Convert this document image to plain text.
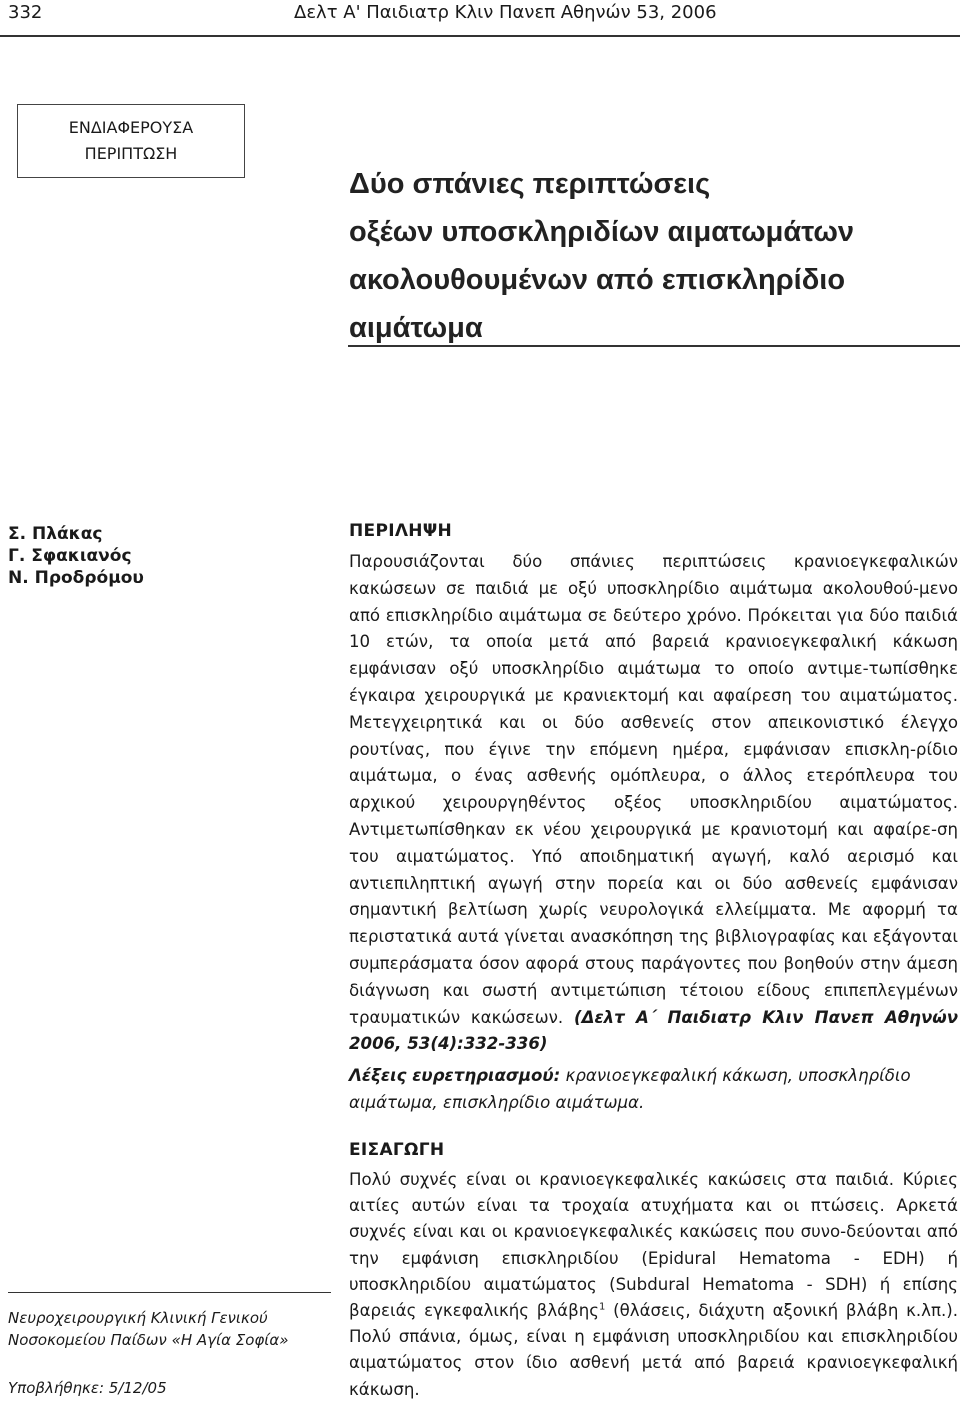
332	Δελτ Α' Παιδιατρ Κλιν Πανεπ Αθηνών 53, 2006
ΕΝΔΙΑΦΕΡΟΥΣΑ
ΠΕΡΙΠΤΩΣΗ
Δύο σπάνιες περιπτώσεις
οξέων υποσκληριδίων αιματωμάτων
ακολουθουμένων από επισκληρίδιο
αιμάτωμα
Σ. Πλάκας
Γ. Σφακιανός
Ν. Προδρόμου
ΠΕΡΙΛΗΨΗ

Παρουσιάζονται δύο σπάνιες περιπτώσεις κρανιοεγκεφαλικών κακώσεων σε παιδιά με οξύ υποσκληρίδιο αιμάτωμα ακολουθού-μενο από επισκληρίδιο αιμάτωμα σε δεύτερο χρόνο. Πρόκειται για δύο παιδιά 10 ετών, τα οποία μετά από βαρειά κρανιοεγκεφαλική κάκωση εμφάνισαν οξύ υποσκληρίδιο αιμάτωμα το οποίο αντιμε-τωπίσθηκε έγκαιρα χειρουργικά με κρανιεκτομή και αφαίρεση του αιματώματος. Μετεγχειρητικά και οι δύο ασθενείς στον απεικονιστικό έλεγχο ρουτίνας, που έγινε την επόμενη ημέρα, εμφάνισαν επισκλη-ρίδιο αιμάτωμα, ο ένας ασθενής ομόπλευρα, ο άλλος ετερόπλευρα του αρχικού χειρουργηθέντος οξέος υποσκληριδίου αιματώματος. Αντιμετωπίσθηκαν εκ νέου χειρουργικά με κρανιοτομή και αφαίρε-ση του αιματώματος. Υπό αποιδηματική αγωγή, καλό αερισμό και αντιεπιληπτική αγωγή στην πορεία και οι δύο ασθενείς εμφάνισαν σημαντική βελτίωση χωρίς νευρολογικά ελλείμματα. Με αφορμή τα περιστατικά αυτά γίνεται ανασκόπηση της βιβλιογραφίας και εξάγονται συμπεράσματα όσον αφορά στους παράγοντες που βοηθούν στην άμεση διάγνωση και σωστή αντιμετώπιση τέτοιου είδους επιπεπλεγμένων τραυματικών κακώσεων. (Δελτ Α΄ Παιδιατρ Κλιν Πανεπ Αθηνών 2006, 53(4):332-336)

Λέξεις ευρετηριασμού: κρανιοεγκεφαλική κάκωση, υποσκληρίδιο αιμάτωμα, επισκληρίδιο αιμάτωμα.

ΕΙΣΑΓΩΓΗ

Πολύ συχνές είναι οι κρανιοεγκεφαλικές κακώσεις στα παιδιά. Κύριες αιτίες αυτών είναι τα τροχαία ατυχήματα και οι πτώσεις. Αρκετά συχνές είναι και οι κρανιοεγκεφαλικές κακώσεις που συνο-δεύονται από την εμφάνιση επισκληριδίου (Epidural Hematoma - EDH) ή υποσκληριδίου αιματώματος (Subdural Hematoma - SDH) ή επίσης βαρειάς εγκεφαλικής βλάβης$^1$ (θλάσεις, διάχυτη αξονική βλάβη κ.λπ.). Πολύ σπάνια, όμως, είναι η εμφάνιση υποσκληριδίου και επισκληριδίου αιματώματος στον ίδιο ασθενή μετά από βαρειά κρανιοεγκεφαλική κάκωση.

Νευροχειρουργική Κλινική Γενικού
Νοσοκομείου Παίδων «Η Αγία Σοφία»
Υποβλήθηκε: 5/12/05
